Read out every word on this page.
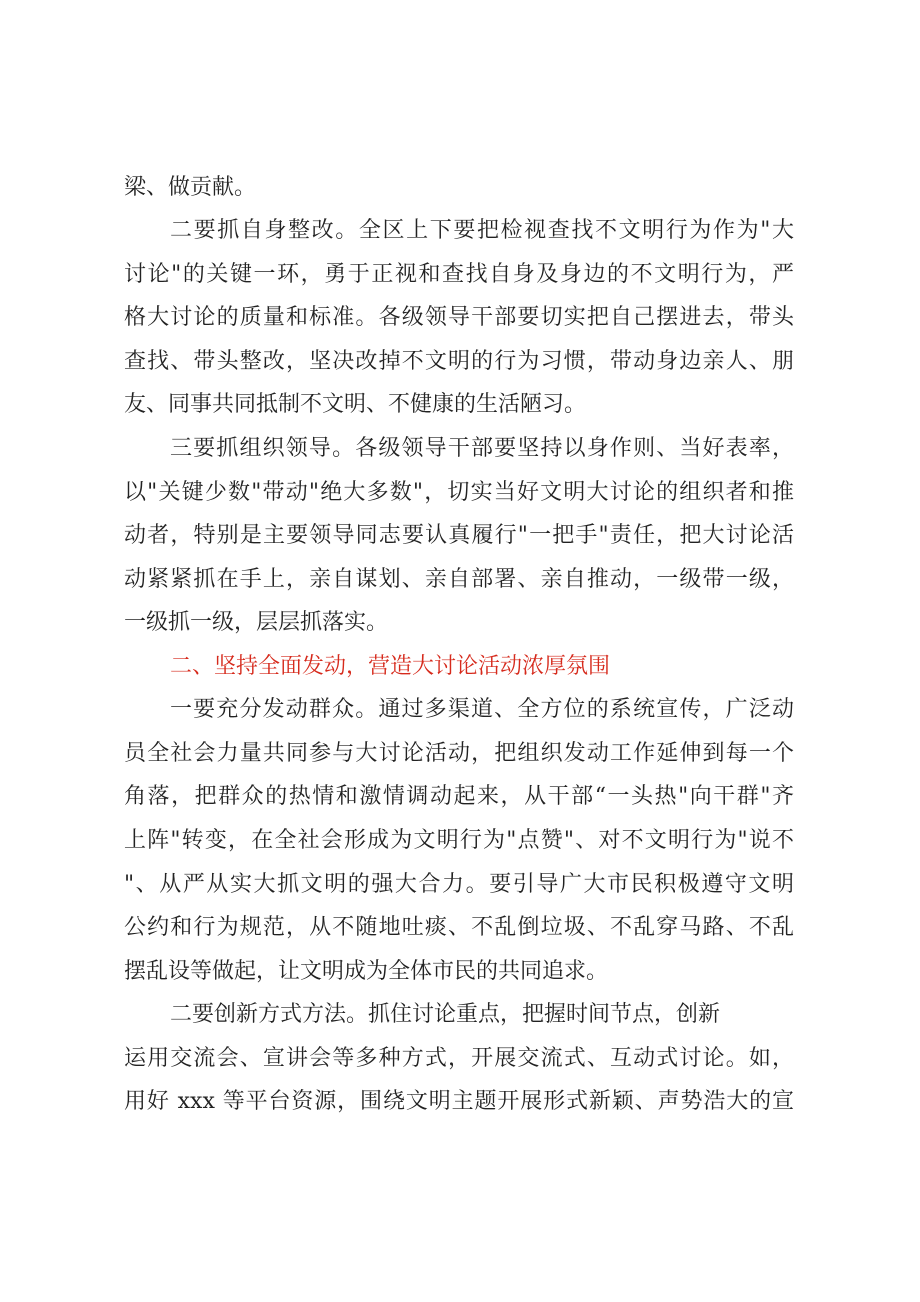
梁、做贡献。
二要抓自身整改。全区上下要把检视查找不文明行为作为"大
讨论"的关键一环，勇于正视和查找自身及身边的不文明行为，严
格大讨论的质量和标准。各级领导干部要切实把自己摆进去，带头
查找、带头整改，坚决改掉不文明的行为习惯，带动身边亲人、朋
友、同事共同抵制不文明、不健康的生活陋习。
三要抓组织领导。各级领导干部要坚持以身作则、当好表率，
以"关键少数"带动"绝大多数"，切实当好文明大讨论的组织者和推
动者，特别是主要领导同志要认真履行"一把手"责任，把大讨论活
动紧紧抓在手上，亲自谋划、亲自部署、亲自推动，一级带一级，
一级抓一级，层层抓落实。
二、坚持全面发动，营造大讨论活动浓厚氛围
一要充分发动群众。通过多渠道、全方位的系统宣传，广泛动
员全社会力量共同参与大讨论活动，把组织发动工作延伸到每一个
角落，把群众的热情和激情调动起来，从干部“一头热"向干群"齐
上阵"转变，在全社会形成为文明行为"点赞"、对不文明行为"说不
"、从严从实大抓文明的强大合力。要引导广大市民积极遵守文明
公约和行为规范，从不随地吐痰、不乱倒垃圾、不乱穿马路、不乱
摆乱设等做起，让文明成为全体市民的共同追求。
二要创新方式方法。抓住讨论重点，把握时间节点，创新
运用交流会、宣讲会等多种方式，开展交流式、互动式讨论。如，
用好 xxx 等平台资源，围绕文明主题开展形式新颖、声势浩大的宣
